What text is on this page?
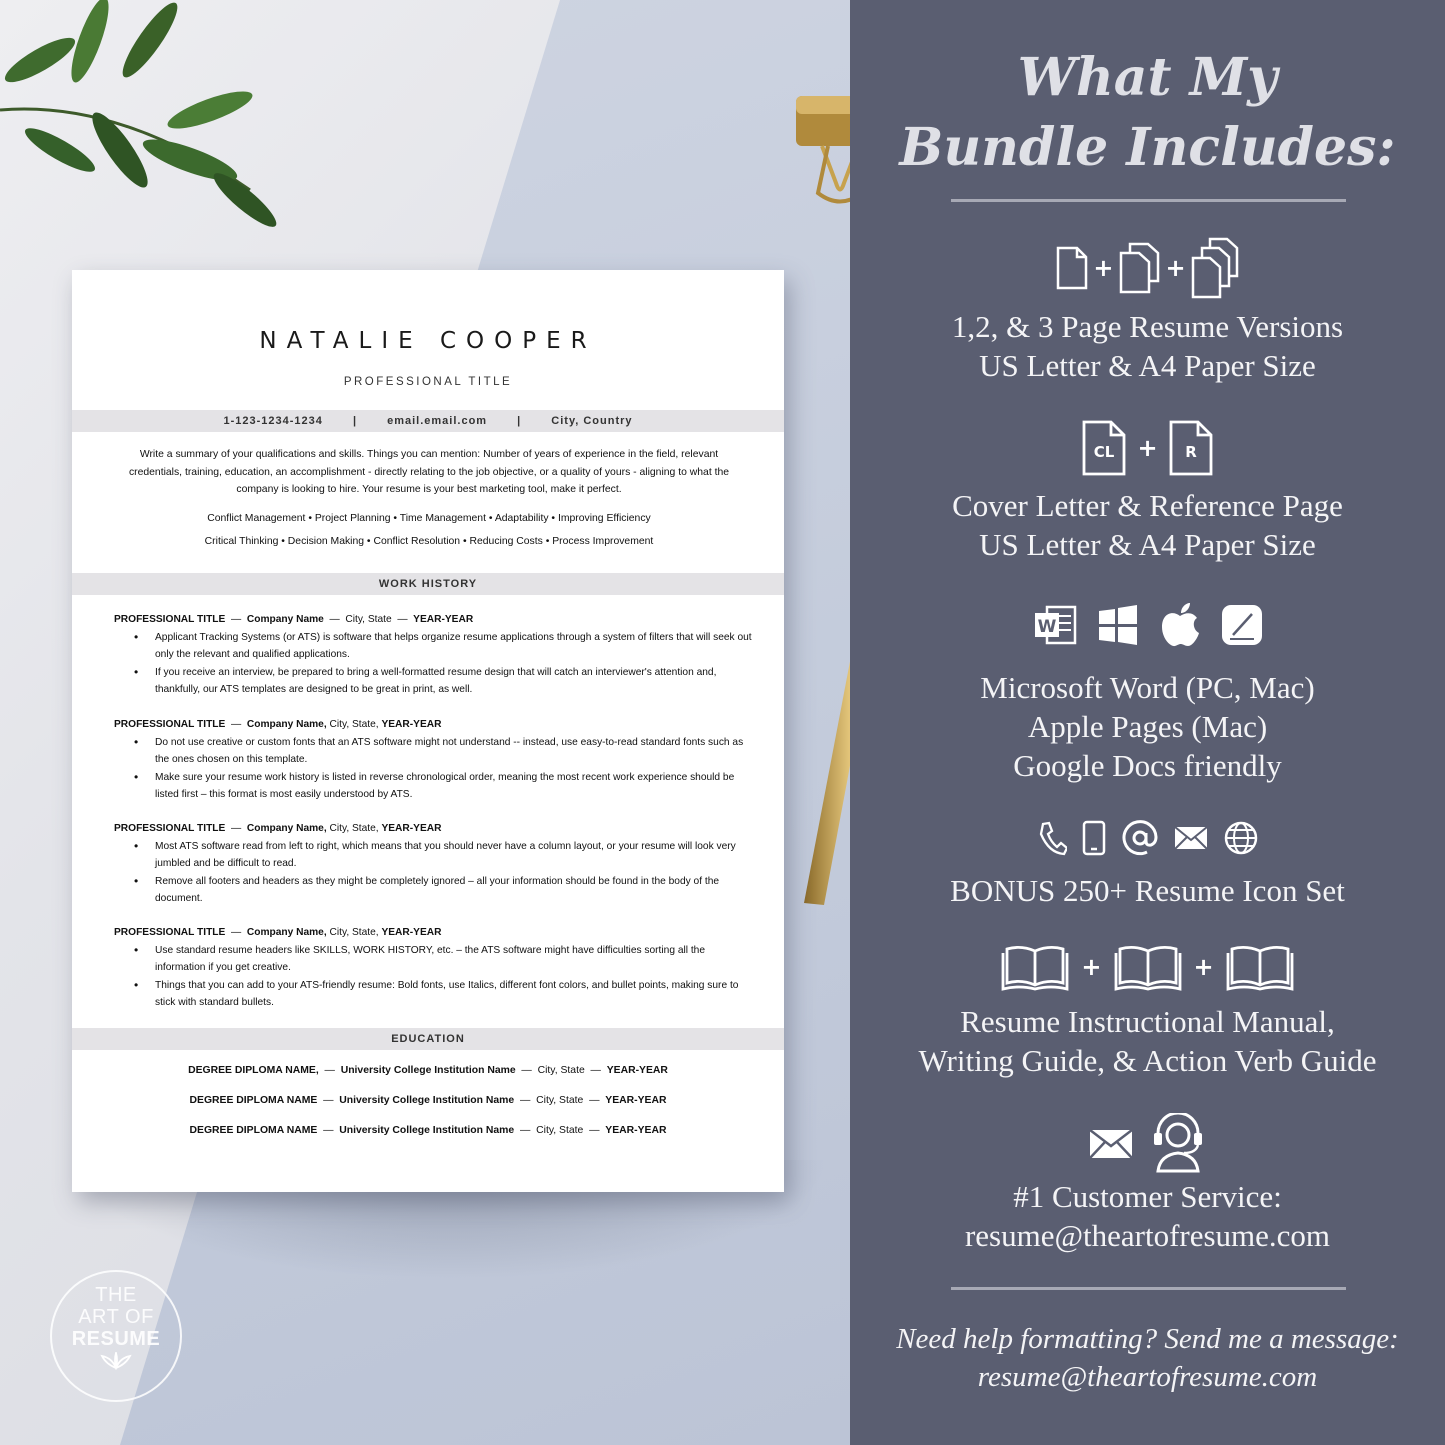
NATALIE COOPER
PROFESSIONAL TITLE
1-123-1234-1234	|	email.email.com	|	City, Country
Write a summary of your qualifications and skills. Things you can mention: Number of years of experience in the field, relevant credentials, training, education, an accomplishment - directly relating to the job objective, or a quality of yours - aligning to what the company is looking to hire. Your resume is your best marketing tool, make it perfect.
Conflict Management • Project Planning • Time Management • Adaptability • Improving Efficiency
Critical Thinking • Decision Making • Conflict Resolution • Reducing Costs • Process Improvement
WORK HISTORY
PROFESSIONAL TITLE — Company Name — City, State — YEAR-YEAR
• Applicant Tracking Systems (or ATS) is software that helps organize resume applications through a system of filters that will seek out only the relevant and qualified applications.
• If you receive an interview, be prepared to bring a well-formatted resume design that will catch an interviewer's attention and, thankfully, our ATS templates are designed to be great in print, as well.
PROFESSIONAL TITLE — Company Name, City, State, YEAR-YEAR
• Do not use creative or custom fonts that an ATS software might not understand -- instead, use easy-to-read standard fonts such as the ones chosen on this template.
• Make sure your resume work history is listed in reverse chronological order, meaning the most recent work experience should be listed first – this format is most easily understood by ATS.
PROFESSIONAL TITLE — Company Name, City, State, YEAR-YEAR
• Most ATS software read from left to right, which means that you should never have a column layout, or your resume will look very jumbled and be difficult to read.
• Remove all footers and headers as they might be completely ignored – all your information should be found in the body of the document.
PROFESSIONAL TITLE — Company Name, City, State, YEAR-YEAR
• Use standard resume headers like SKILLS, WORK HISTORY, etc. – the ATS software might have difficulties sorting all the information if you get creative.
• Things that you can add to your ATS-friendly resume: Bold fonts, use Italics, different font colors, and bullet points, making sure to stick with standard bullets.
EDUCATION
DEGREE DIPLOMA NAME, — University College Institution Name — City, State — YEAR-YEAR
DEGREE DIPLOMA NAME — University College Institution Name — City, State — YEAR-YEAR
DEGREE DIPLOMA NAME — University College Institution Name — City, State — YEAR-YEAR
THE
ART OF
RESUME
What My
Bundle Includes:
+ +
1,2, & 3 Page Resume Versions
US Letter & A4 Paper Size
CL + R
Cover Letter & Reference Page
US Letter & A4 Paper Size
W
Microsoft Word (PC, Mac)
Apple Pages (Mac)
Google Docs friendly
BONUS 250+ Resume Icon Set
+	+
Resume Instructional Manual,
Writing Guide, & Action Verb Guide
#1 Customer Service:
resume@theartofresume.com
Need help formatting? Send me a message:
resume@theartofresume.com
